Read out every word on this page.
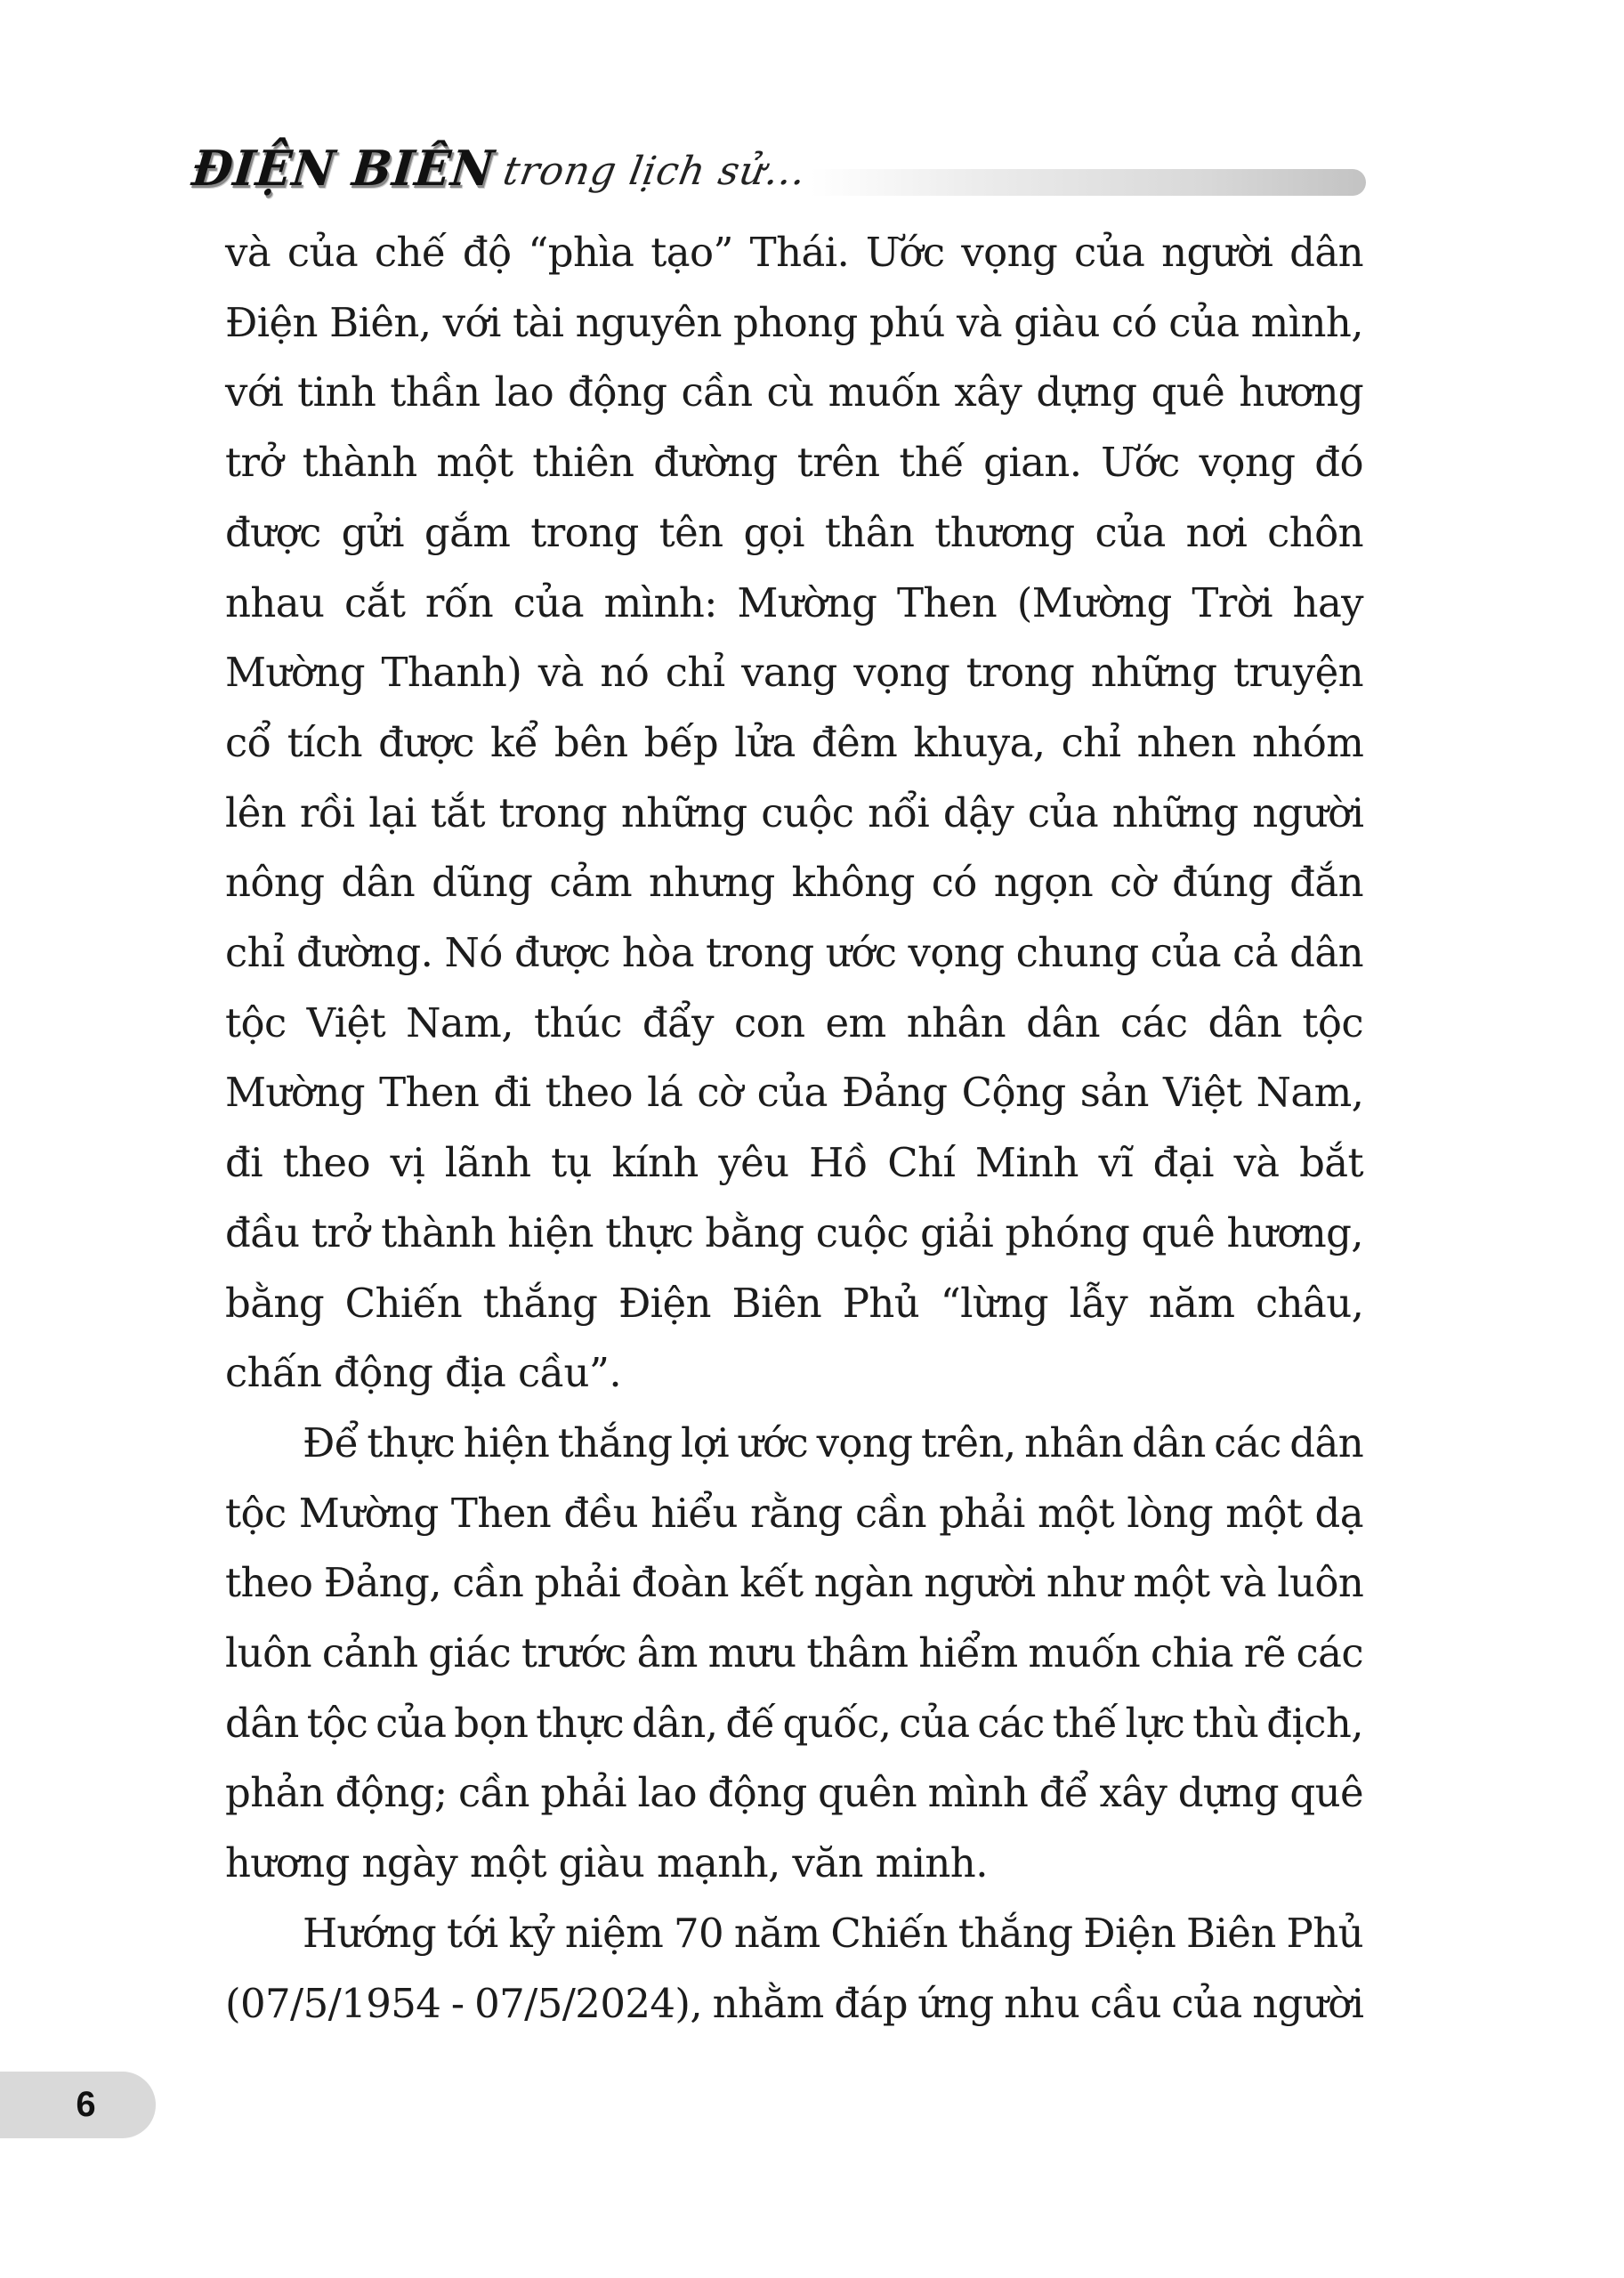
ĐIỆN BIÊN trong lịch sử...
và của chế độ “phìa tạo” Thái. Ước vọng của người dân
Điện Biên, với tài nguyên phong phú và giàu có của mình,
với tinh thần lao động cần cù muốn xây dựng quê hương
trở thành một thiên đường trên thế gian. Ước vọng đó
được gửi gắm trong tên gọi thân thương của nơi chôn
nhau cắt rốn của mình: Mường Then (Mường Trời hay
Mường Thanh) và nó chỉ vang vọng trong những truyện
cổ tích được kể bên bếp lửa đêm khuya, chỉ nhen nhóm
lên rồi lại tắt trong những cuộc nổi dậy của những người
nông dân dũng cảm nhưng không có ngọn cờ đúng đắn
chỉ đường. Nó được hòa trong ước vọng chung của cả dân
tộc Việt Nam, thúc đẩy con em nhân dân các dân tộc
Mường Then đi theo lá cờ của Đảng Cộng sản Việt Nam,
đi theo vị lãnh tụ kính yêu Hồ Chí Minh vĩ đại và bắt
đầu trở thành hiện thực bằng cuộc giải phóng quê hương,
bằng Chiến thắng Điện Biên Phủ “lừng lẫy năm châu,
chấn động địa cầu”.
Để thực hiện thắng lợi ước vọng trên, nhân dân các dân
tộc Mường Then đều hiểu rằng cần phải một lòng một dạ
theo Đảng, cần phải đoàn kết ngàn người như một và luôn
luôn cảnh giác trước âm mưu thâm hiểm muốn chia rẽ các
dân tộc của bọn thực dân, đế quốc, của các thế lực thù địch,
phản động; cần phải lao động quên mình để xây dựng quê
hương ngày một giàu mạnh, văn minh.
Hướng tới kỷ niệm 70 năm Chiến thắng Điện Biên Phủ
(07/5/1954 - 07/5/2024), nhằm đáp ứng nhu cầu của người
6
